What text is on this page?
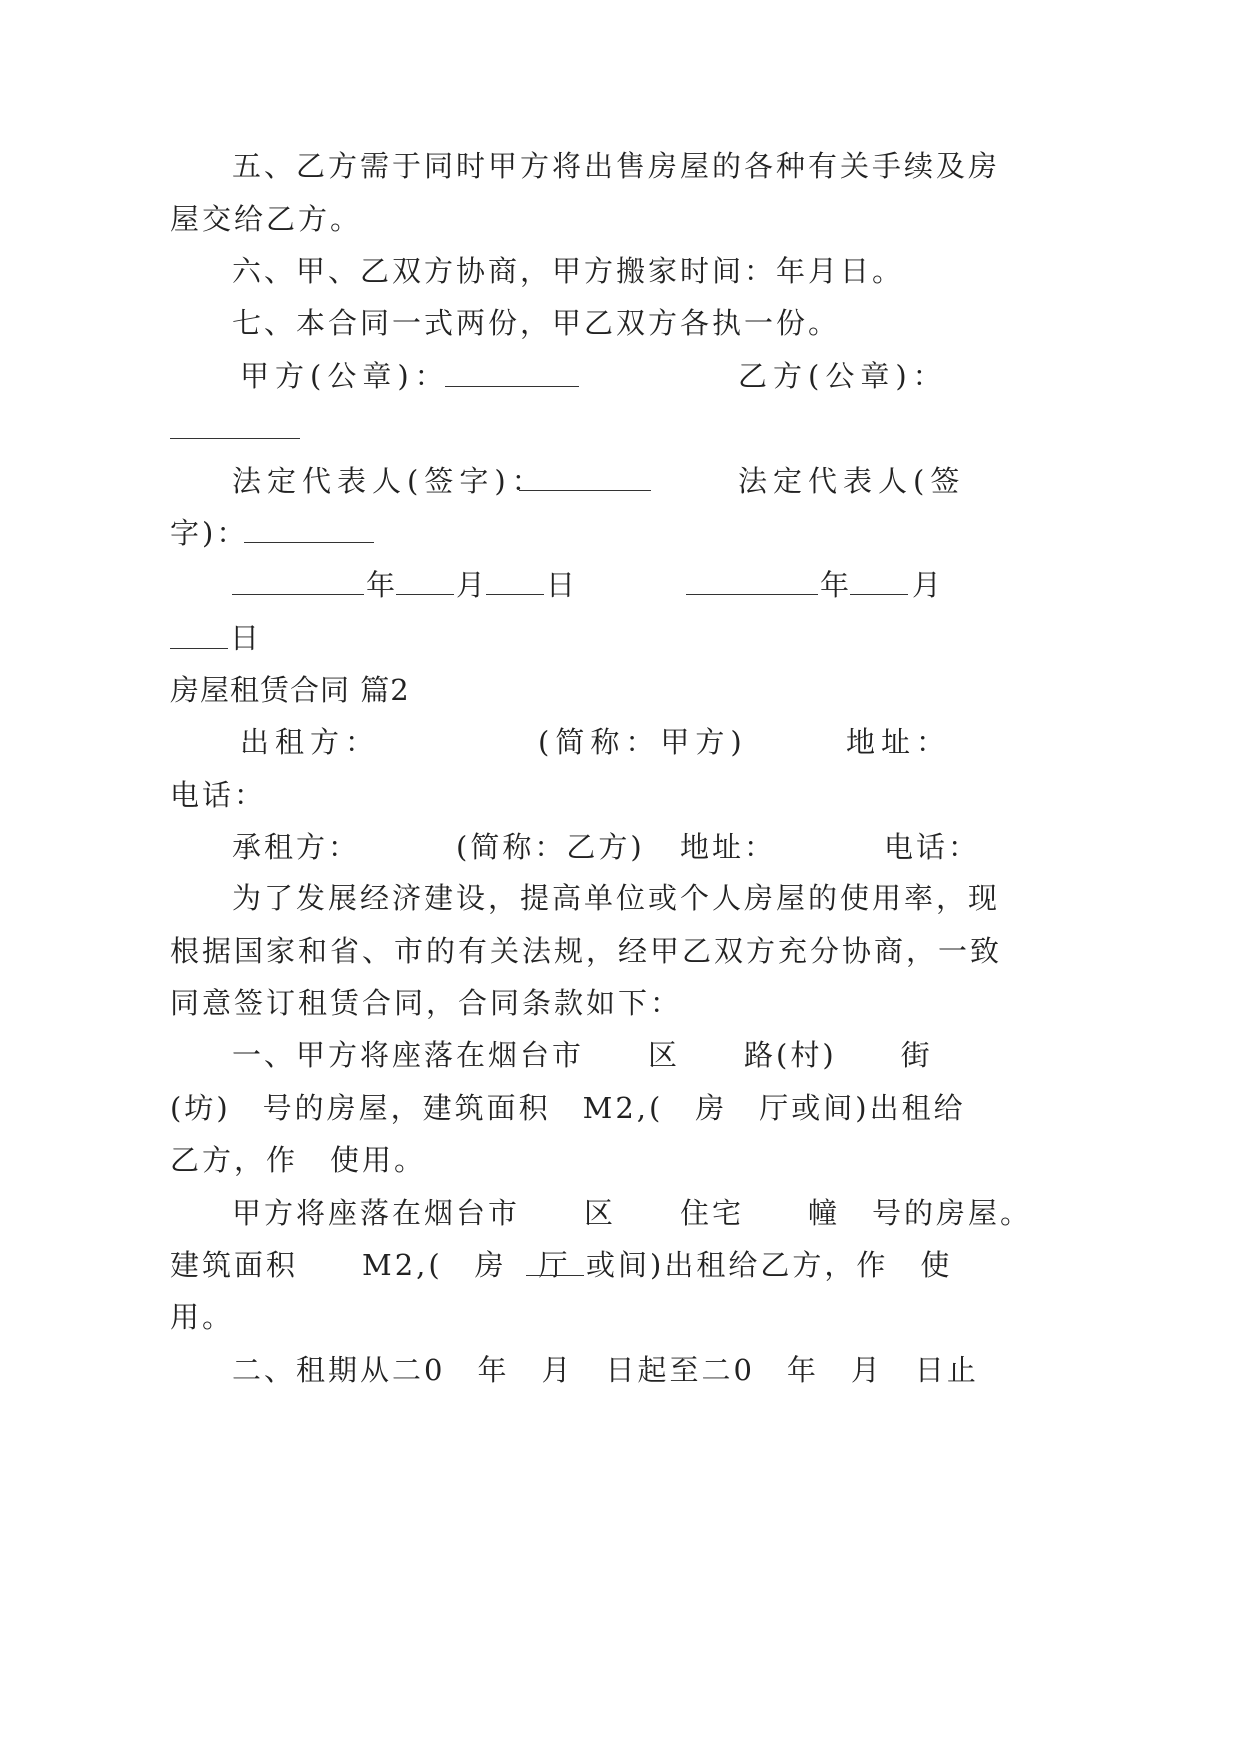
五、乙方需于同时甲方将出售房屋的各种有关手续及房
屋交给乙方。
六、甲、乙双方协商，甲方搬家时间：年月日。
七、本合同一式两份，甲乙双方各执一份。
甲方(公章)：	乙方(公章)：
法定代表人(签字)：	法定代表人(签
字)：
年 月 日	年 月
日
房屋租赁合同 篇2
出租方：	(简称：甲方)	地址：
电话：
承租方：	(简称：乙方) 地址：	电话：
为了发展经济建设，提高单位或个人房屋的使用率，现
根据国家和省、市的有关法规，经甲乙双方充分协商，一致
同意签订租赁合同，合同条款如下：
一、甲方将座落在烟台市　　区　　路(村)　　街
(坊)　号的房屋，建筑面积　M2,(　房　厅或间)出租给
乙方，作　使用。
甲方将座落在烟台市　　区　　住宅　　幢　号的房屋。
建筑面积　　M2,(　房　厅 或间)出租给乙方，作　使
用。
二、租期从二0　年　月　日起至二0　年　月　日止
